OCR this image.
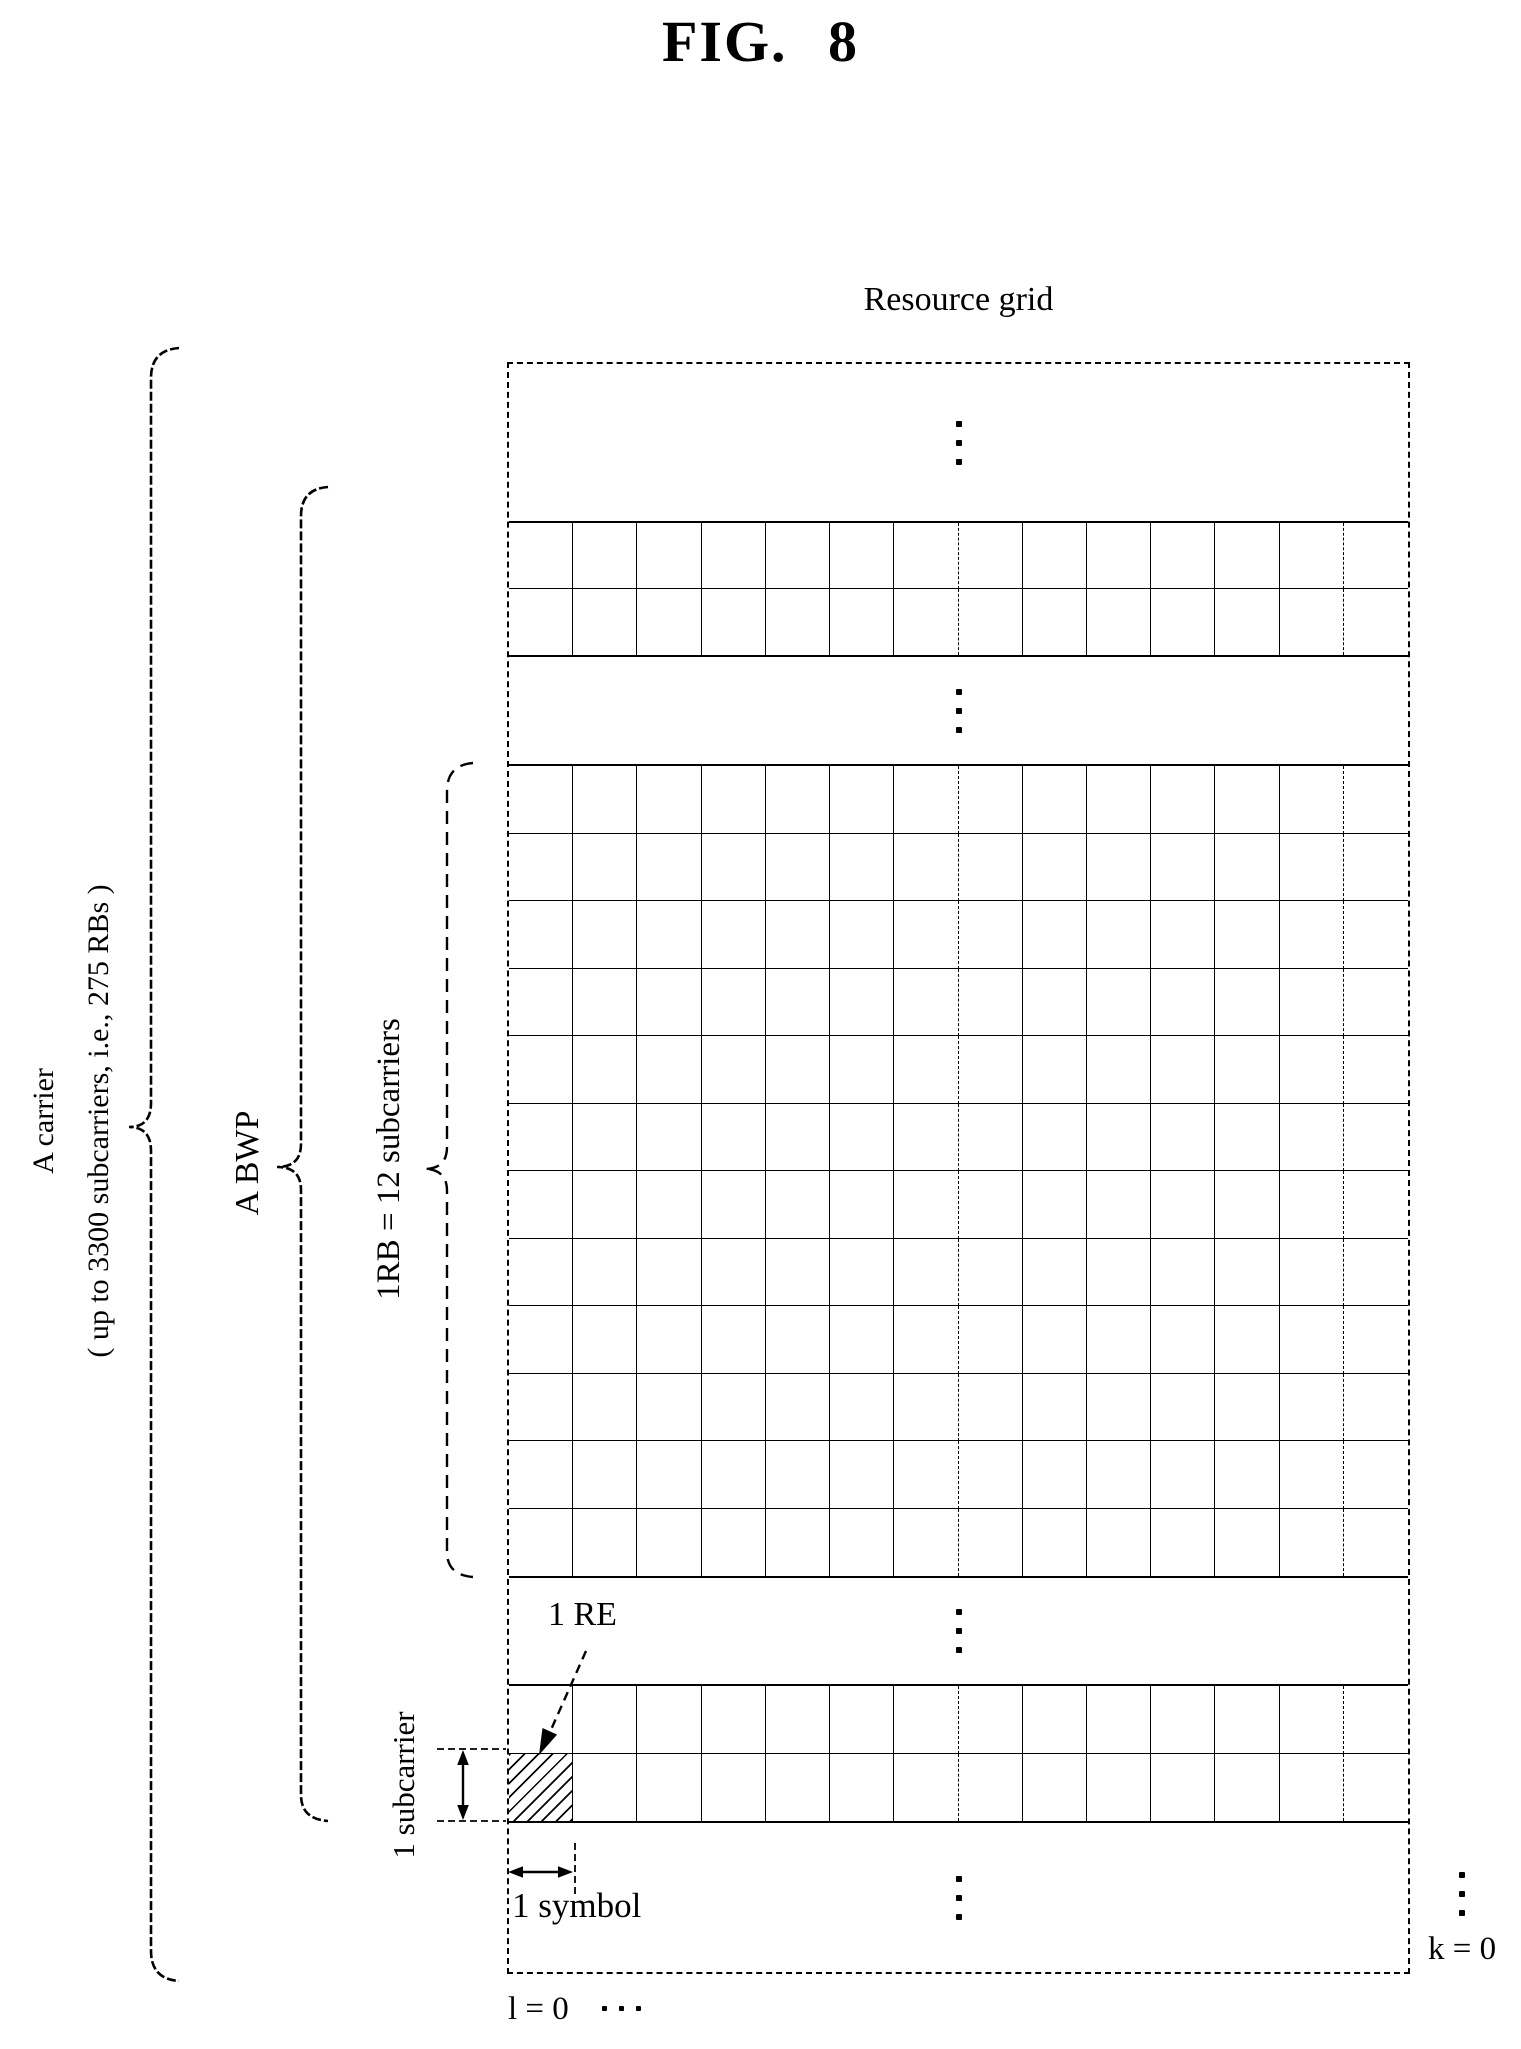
FIG. 8
Resource grid
A carrier ( up to 3300 subcarriers, i.e., 275 RBs )	A BWP	1RB = 12 subcarriers
1 subcarrier
1 RE
1 symbol
l = 0
k = 0
